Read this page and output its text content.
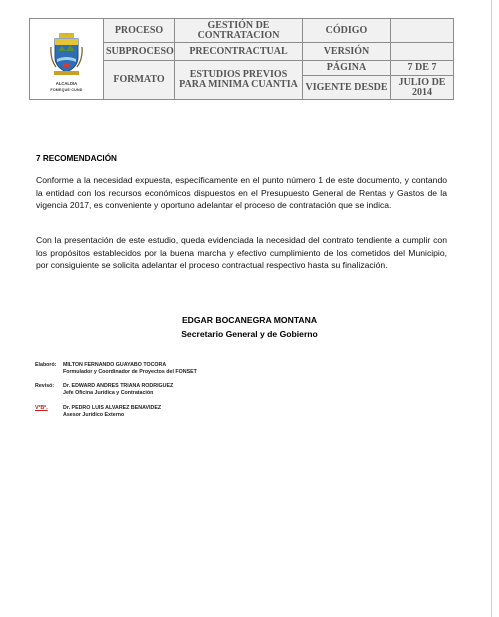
ALCALDIA
FOMEQUE·CUND	PROCESO	GESTIÓN DE CONTRATACION	CÓDIGO	
	SUBPROCESO	PRECONTRACTUAL	VERSIÓN	
	FORMATO	ESTUDIOS PREVIOS PARA MINIMA CUANTIA	PÁGINA	7 DE 7
			VIGENTE DESDE	JULIO DE 2014
7 RECOMENDACIÓN
Conforme a la necesidad expuesta, específicamente en el punto número 1 de este documento, y contando la entidad con los recursos económicos dispuestos en el Presupuesto General de Rentas y Gastos de la vigencia 2017, es conveniente y oportuno adelantar el proceso de contratación que se indica.
Con la presentación de este estudio, queda evidenciada la necesidad del contrato tendiente a cumplir con los propósitos establecidos por la buena marcha y efectivo cumplimiento de los cometidos del Municipio, por consiguiente se solicita adelantar el proceso contractual respectivo hasta su finalización.
EDGAR BOCANEGRA MONTANA
Secretario General y de Gobierno
Elaboró: MILTON FERNANDO GUAYABO TOCORA
Formulador y Coordinador de Proyectos del FONSET
Revisó: Dr. EDWARD ANDRES TRIANA RODRIGUEZ
Jefe Oficina Jurídica y Contratación
VºBº.	Dr. PEDRO LUIS ALVAREZ BENAVIDEZ
Asesor Jurídico Externo
